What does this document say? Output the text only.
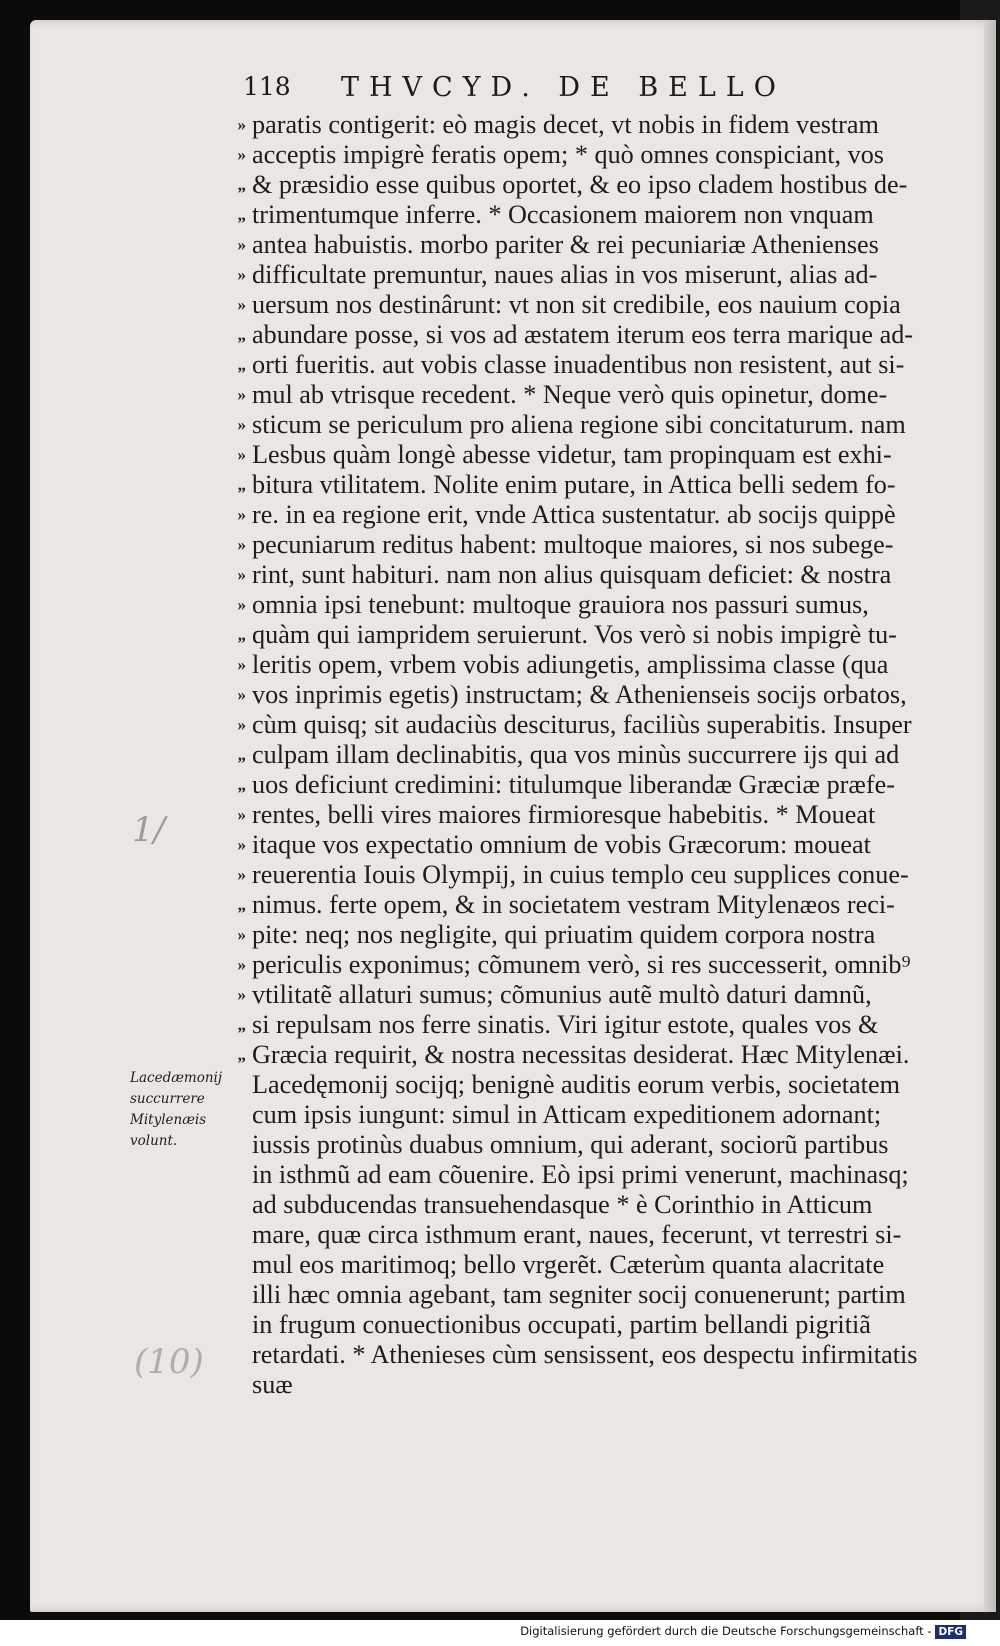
118 THVCYD. DE BELLO
1/
(10)
Lacedæmonij
succurrere
Mitylenæis
volunt.
paratis contigerit: eò magis decet, vt nobis in fidem vestram
acceptis impigrè feratis opem; * quò omnes conspiciant, vos
& præsidio esse quibus oportet, & eo ipso cladem hostibus de-
trimentumque inferre. * Occasionem maiorem non vnquam
antea habuistis. morbo pariter & rei pecuniariæ Athenienses
difficultate premuntur, naues alias in vos miserunt, alias ad-
uersum nos destinârunt: vt non sit credibile, eos nauium copia
abundare posse, si vos ad æstatem iterum eos terra marique ad-
orti fueritis. aut vobis classe inuadentibus non resistent, aut si-
mul ab vtrisque recedent. * Neque verò quis opinetur, dome-
sticum se periculum pro aliena regione sibi concitaturum. nam
Lesbus quàm longè abesse videtur, tam propinquam est exhi-
bitura vtilitatem. Nolite enim putare, in Attica belli sedem fo-
re. in ea regione erit, vnde Attica sustentatur. ab socijs quippè
pecuniarum reditus habent: multoque maiores, si nos subege-
rint, sunt habituri. nam non alius quisquam deficiet: & nostra
omnia ipsi tenebunt: multoque grauiora nos passuri sumus,
quàm qui iampridem seruierunt. Vos verò si nobis impigrè tu-
leritis opem, vrbem vobis adiungetis, amplissima classe (qua
vos inprimis egetis) instructam; & Athenienseis socijs orbatos,
cùm quisq; sit audaciùs desciturus, faciliùs superabitis. Insuper
culpam illam declinabitis, qua vos minùs succurrere ijs qui ad
uos deficiunt credimini: titulumque liberandæ Græciæ præfe-
rentes, belli vires maiores firmioresque habebitis. * Moueat
itaque vos expectatio omnium de vobis Græcorum: moueat
reuerentia Iouis Olympij, in cuius templo ceu supplices conue-
nimus. ferte opem, & in societatem vestram Mitylenæos reci-
pite: neq; nos negligite, qui priuatim quidem corpora nostra
periculis exponimus; cõmunem verò, si res successerit, omnib⁹
vtilitatẽ allaturi sumus; cõmunius autẽ multò daturi damnũ,
si repulsam nos ferre sinatis. Viri igitur estote, quales vos &
Græcia requirit, & nostra necessitas desiderat. Hæc Mitylenæi.
Lacedęmonij socijq; benignè auditis eorum verbis, societatem
cum ipsis iungunt: simul in Atticam expeditionem adornant;
iussis protinùs duabus omnium, qui aderant, sociorũ partibus
in isthmũ ad eam cõuenire. Eò ipsi primi venerunt, machinasq;
ad subducendas transuehendasque * è Corinthio in Atticum
mare, quæ circa isthmum erant, naues, fecerunt, vt terrestri si-
mul eos maritimoq; bello vrgerẽt. Cæterùm quanta alacritate
illi hæc omnia agebant, tam segniter socij conuenerunt; partim
in frugum conuectionibus occupati, partim bellandi pigritiã
retardati. * Athenieses cùm sensissent, eos despectu infirmitatis
suæ
»
»
„
„
»
»
»
„
„
»
»
»
„
»
»
»
»
„
»
»
»
„
„
»
»
»
„
»
»
»
„
„
Digitalisierung gefördert durch die Deutsche Forschungsgemeinschaft - DFG
